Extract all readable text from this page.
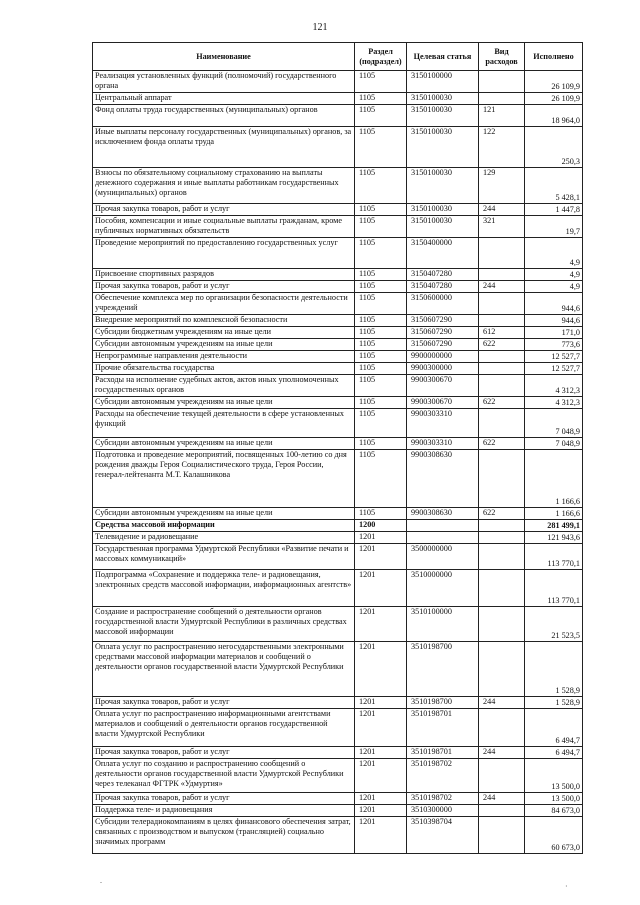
121
Наименование	Раздел (подраздел)	Целевая статья	Вид расходов	Исполнено
Реализация установленных функций (полномочий) государственного органа	1105	3150100000		26 109,9
Центральный аппарат	1105	3150100030		26 109,9
Фонд оплаты труда государственных (муниципальных) органов	1105	3150100030	121	18 964,0
Иные выплаты персоналу государственных (муниципальных) органов, за исключением фонда оплаты труда	1105	3150100030	122	250,3
Взносы по обязательному социальному страхованию на выплаты денежного содержания и иные выплаты работникам государственных (муниципальных) органов	1105	3150100030	129	5 428,1
Прочая закупка товаров, работ и услуг	1105	3150100030	244	1 447,8
Пособия, компенсации и иные социальные выплаты гражданам, кроме публичных нормативных обязательств	1105	3150100030	321	19,7
Проведение мероприятий по предоставлению государственных услуг	1105	3150400000		4,9
Присвоение спортивных разрядов	1105	3150407280		4,9
Прочая закупка товаров, работ и услуг	1105	3150407280	244	4,9
Обеспечение комплекса мер по организации безопасности деятельности учреждений	1105	3150600000		944,6
Внедрение мероприятий по комплексной безопасности	1105	3150607290		944,6
Субсидии бюджетным учреждениям на иные цели	1105	3150607290	612	171,0
Субсидии автономным учреждениям на иные цели	1105	3150607290	622	773,6
Непрограммные направления деятельности	1105	9900000000		12 527,7
Прочие обязательства государства	1105	9900300000		12 527,7
Расходы на исполнение судебных актов, актов иных уполномоченных государственных органов	1105	9900300670		4 312,3
Субсидии автономным учреждениям на иные цели	1105	9900300670	622	4 312,3
Расходы на обеспечение текущей деятельности в сфере установленных функций	1105	9900303310		7 048,9
Субсидии автономным учреждениям на иные цели	1105	9900303310	622	7 048,9
Подготовка и проведение мероприятий, посвященных 100-летию со дня рождения дважды Героя Социалистического труда, Героя России, генерал-лейтенанта М.Т. Калашникова	1105	9900308630		1 166,6
Субсидии автономным учреждениям на иные цели	1105	9900308630	622	1 166,6
Средства массовой информации	1200			281 499,1
Телевидение и радиовещание	1201			121 943,6
Государственная программа Удмуртской Республики «Развитие печати и массовых коммуникаций»	1201	3500000000		113 770,1
Подпрограмма «Сохранение и поддержка теле- и радиовещания, электронных средств массовой информации, информационных агентств»	1201	3510000000		113 770,1
Создание и распространение сообщений о деятельности органов государственной власти Удмуртской Республики в различных средствах массовой информации	1201	3510100000		21 523,5
Оплата услуг по распространению негосударственными электронными средствами массовой информации материалов и сообщений о деятельности органов государственной власти Удмуртской Республики	1201	3510198700		1 528,9
Прочая закупка товаров, работ и услуг	1201	3510198700	244	1 528,9
Оплата услуг по распространению информационными агентствами материалов и сообщений о деятельности органов государственной власти Удмуртской Республики	1201	3510198701		6 494,7
Прочая закупка товаров, работ и услуг	1201	3510198701	244	6 494,7
Оплата услуг по созданию и распространению сообщений о деятельности органов государственной власти Удмуртской Республики через телеканал ФГТРК «Удмуртия»	1201	3510198702		13 500,0
Прочая закупка товаров, работ и услуг	1201	3510198702	244	13 500,0
Поддержка теле- и радиовещания	1201	3510300000		84 673,0
Субсидии телерадиокомпаниям в целях финансового обеспечения затрат, связанных с производством и выпуском (трансляцией) социально значимых программ	1201	3510398704		60 673,0
.
·
